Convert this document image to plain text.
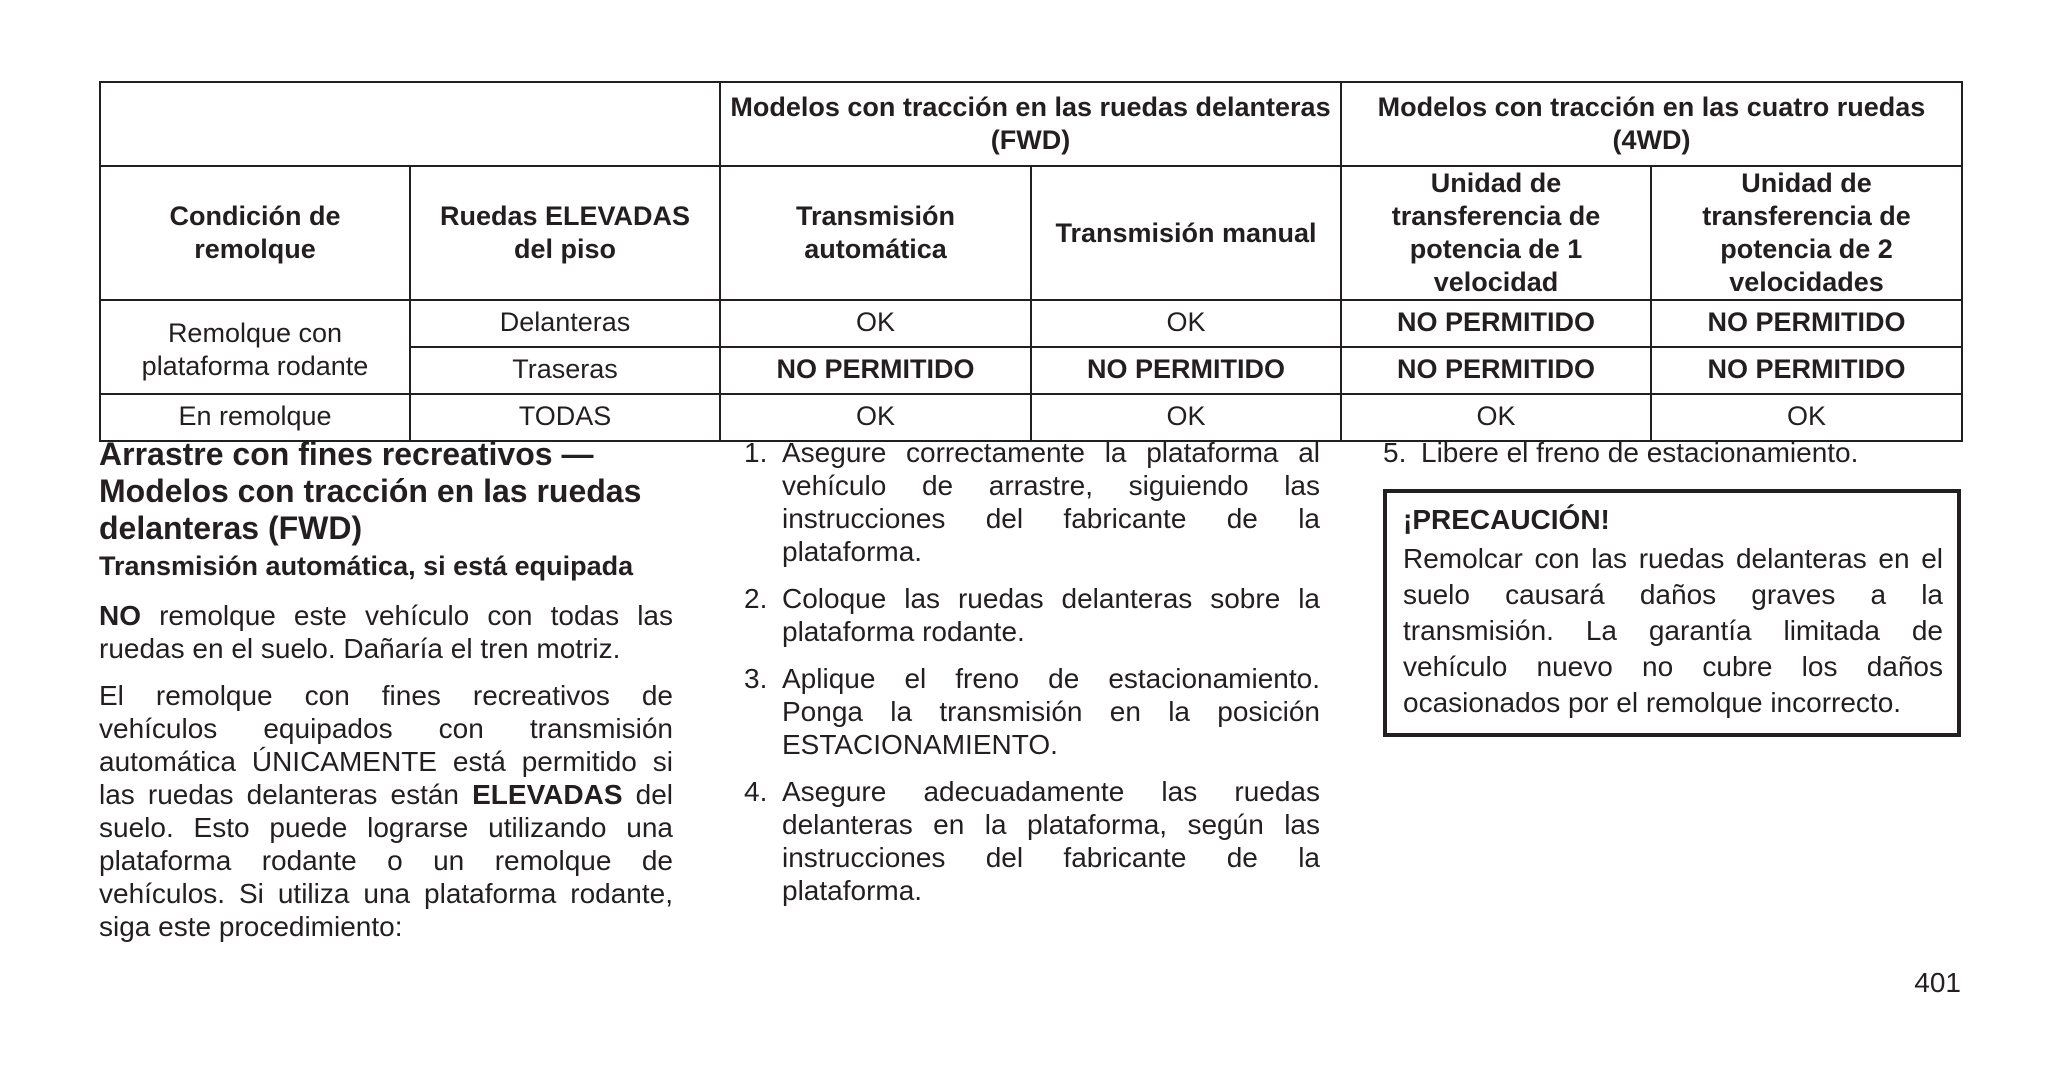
		Modelos con tracción en las ruedas delanteras (FWD)		Modelos con tracción en las cuatro ruedas (4WD)	
Condición de remolque	Ruedas ELEVADAS del piso	Transmisión automática	Transmisión manual	Unidad de transferencia de potencia de 1 velocidad	Unidad de transferencia de potencia de 2 velocidades
Remolque con plataforma rodante	Delanteras	OK	OK	NO PERMITIDO	NO PERMITIDO
	Traseras	NO PERMITIDO	NO PERMITIDO	NO PERMITIDO	NO PERMITIDO
En remolque	TODAS	OK	OK	OK	OK
Arrastre con fines recreativos — Modelos con tracción en las ruedas delanteras (FWD)
Transmisión automática, si está equipada

NO remolque este vehículo con todas las ruedas en el suelo. Dañaría el tren motriz.

El remolque con fines recreativos de vehículos equipados con transmisión automática ÚNICAMENTE está permitido si las ruedas delanteras están ELEVADAS del suelo. Esto puede lograrse utilizando una plataforma rodante o un remolque de vehículos. Si utiliza una plataforma rodante, siga este procedimiento:

1. Asegure correctamente la plataforma al vehículo de arrastre, siguiendo las instrucciones del fabricante de la plataforma.
2. Coloque las ruedas delanteras sobre la plataforma rodante.
3. Aplique el freno de estacionamiento. Ponga la transmisión en la posición ESTACIONAMIENTO.
4. Asegure adecuadamente las ruedas delanteras en la plataforma, según las instrucciones del fabricante de la plataforma.
5. Libere el freno de estacionamiento.
¡PRECAUCIÓN!
Remolcar con las ruedas delanteras en el suelo causará daños graves a la transmisión. La garantía limitada de vehículo nuevo no cubre los daños ocasionados por el remolque incorrecto.
401
